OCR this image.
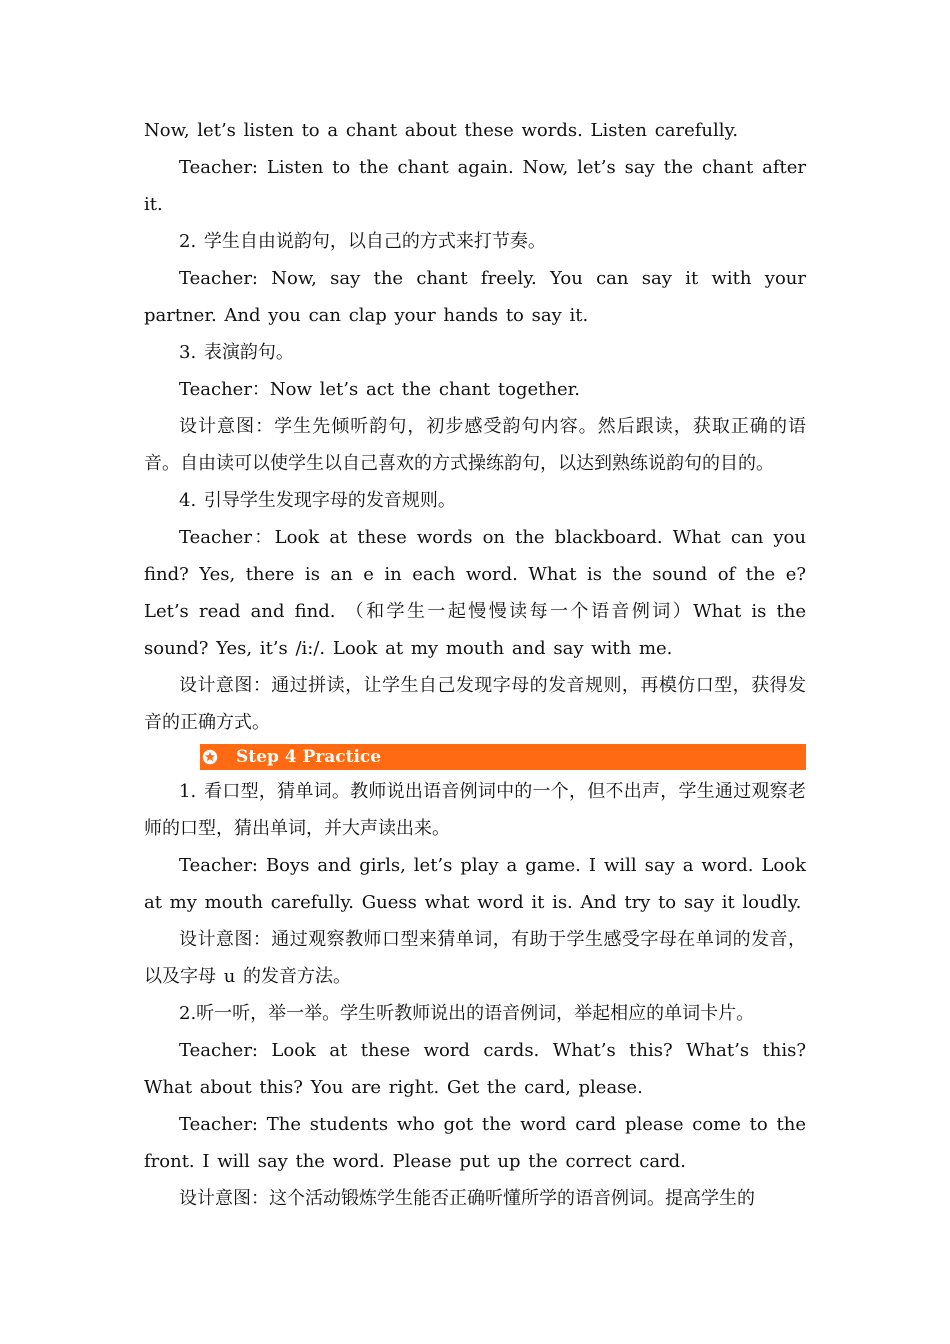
Now, let’s listen to a chant about these words. Listen carefully.

Teacher: Listen to the chant again. Now, let’s say the chant after it.

2. 学生自由说韵句，以自己的方式来打节奏。

Teacher: Now, say the chant freely. You can say it with your partner. And you can clap your hands to say it.

3. 表演韵句。

Teacher：Now let’s act the chant together.

设计意图：学生先倾听韵句，初步感受韵句内容。然后跟读，获取正确的语音。自由读可以使学生以自己喜欢的方式操练韵句，以达到熟练说韵句的目的。

4. 引导学生发现字母的发音规则。

Teacher：Look at these words on the blackboard. What can you find? Yes, there is an e in each word. What is the sound of the e? Let’s read and find. （和学生一起慢慢读每一个语音例词）What is the sound? Yes, it’s /i:/. Look at my mouth and say with me.

设计意图：通过拼读，让学生自己发现字母的发音规则，再模仿口型，获得发音的正确方式。

Step 4 Practice

1. 看口型，猜单词。教师说出语音例词中的一个，但不出声，学生通过观察老师的口型，猜出单词，并大声读出来。

Teacher: Boys and girls, let’s play a game. I will say a word. Look at my mouth carefully. Guess what word it is. And try to say it loudly.

设计意图：通过观察教师口型来猜单词，有助于学生感受字母在单词的发音，以及字母 u 的发音方法。

2.听一听，举一举。学生听教师说出的语音例词，举起相应的单词卡片。

Teacher: Look at these word cards. What’s this? What’s this? What about this? You are right. Get the card, please.

Teacher: The students who got the word card please come to the front. I will say the word. Please put up the correct card.

设计意图：这个活动锻炼学生能否正确听懂所学的语音例词。提高学生的
